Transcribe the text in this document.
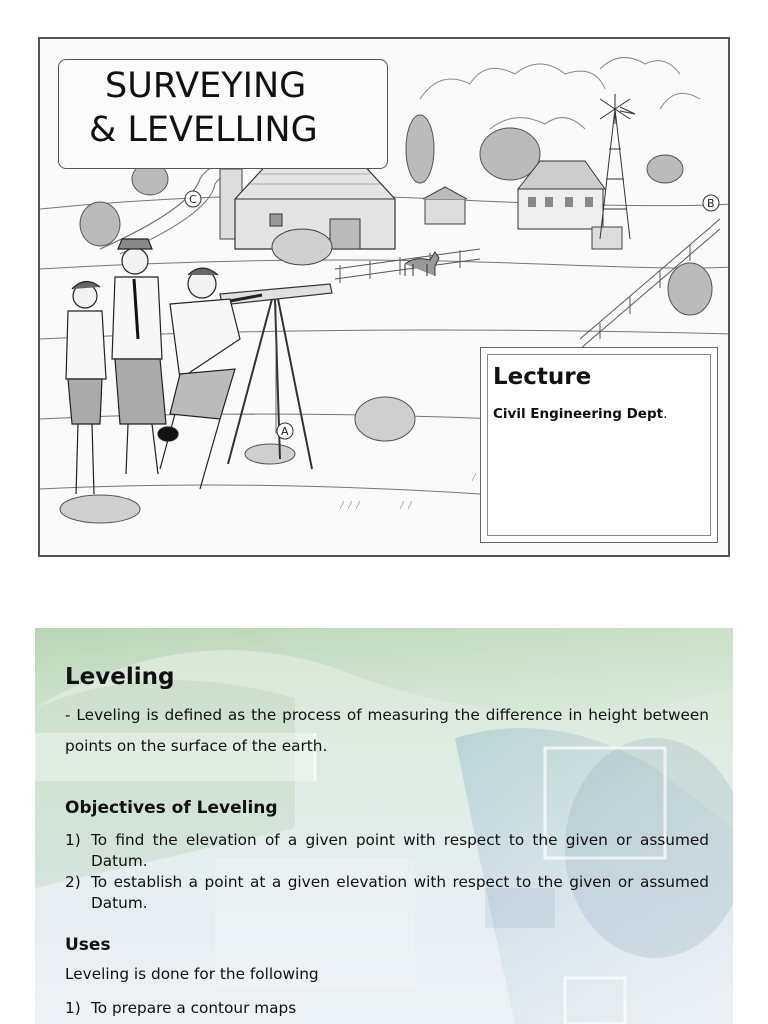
C	B
A
SURVEYING
& LEVELLING
Lecture
Civil Engineering Dept.
Leveling
- Leveling is defined as the process of measuring the difference in height between points on the surface of the earth.
Objectives of Leveling
1) To find the elevation of a given point with respect to the given or assumed Datum.
2) To establish a point at a given elevation with respect to the given or assumed Datum.
Uses
Leveling is done for the following
1) To prepare a contour maps
